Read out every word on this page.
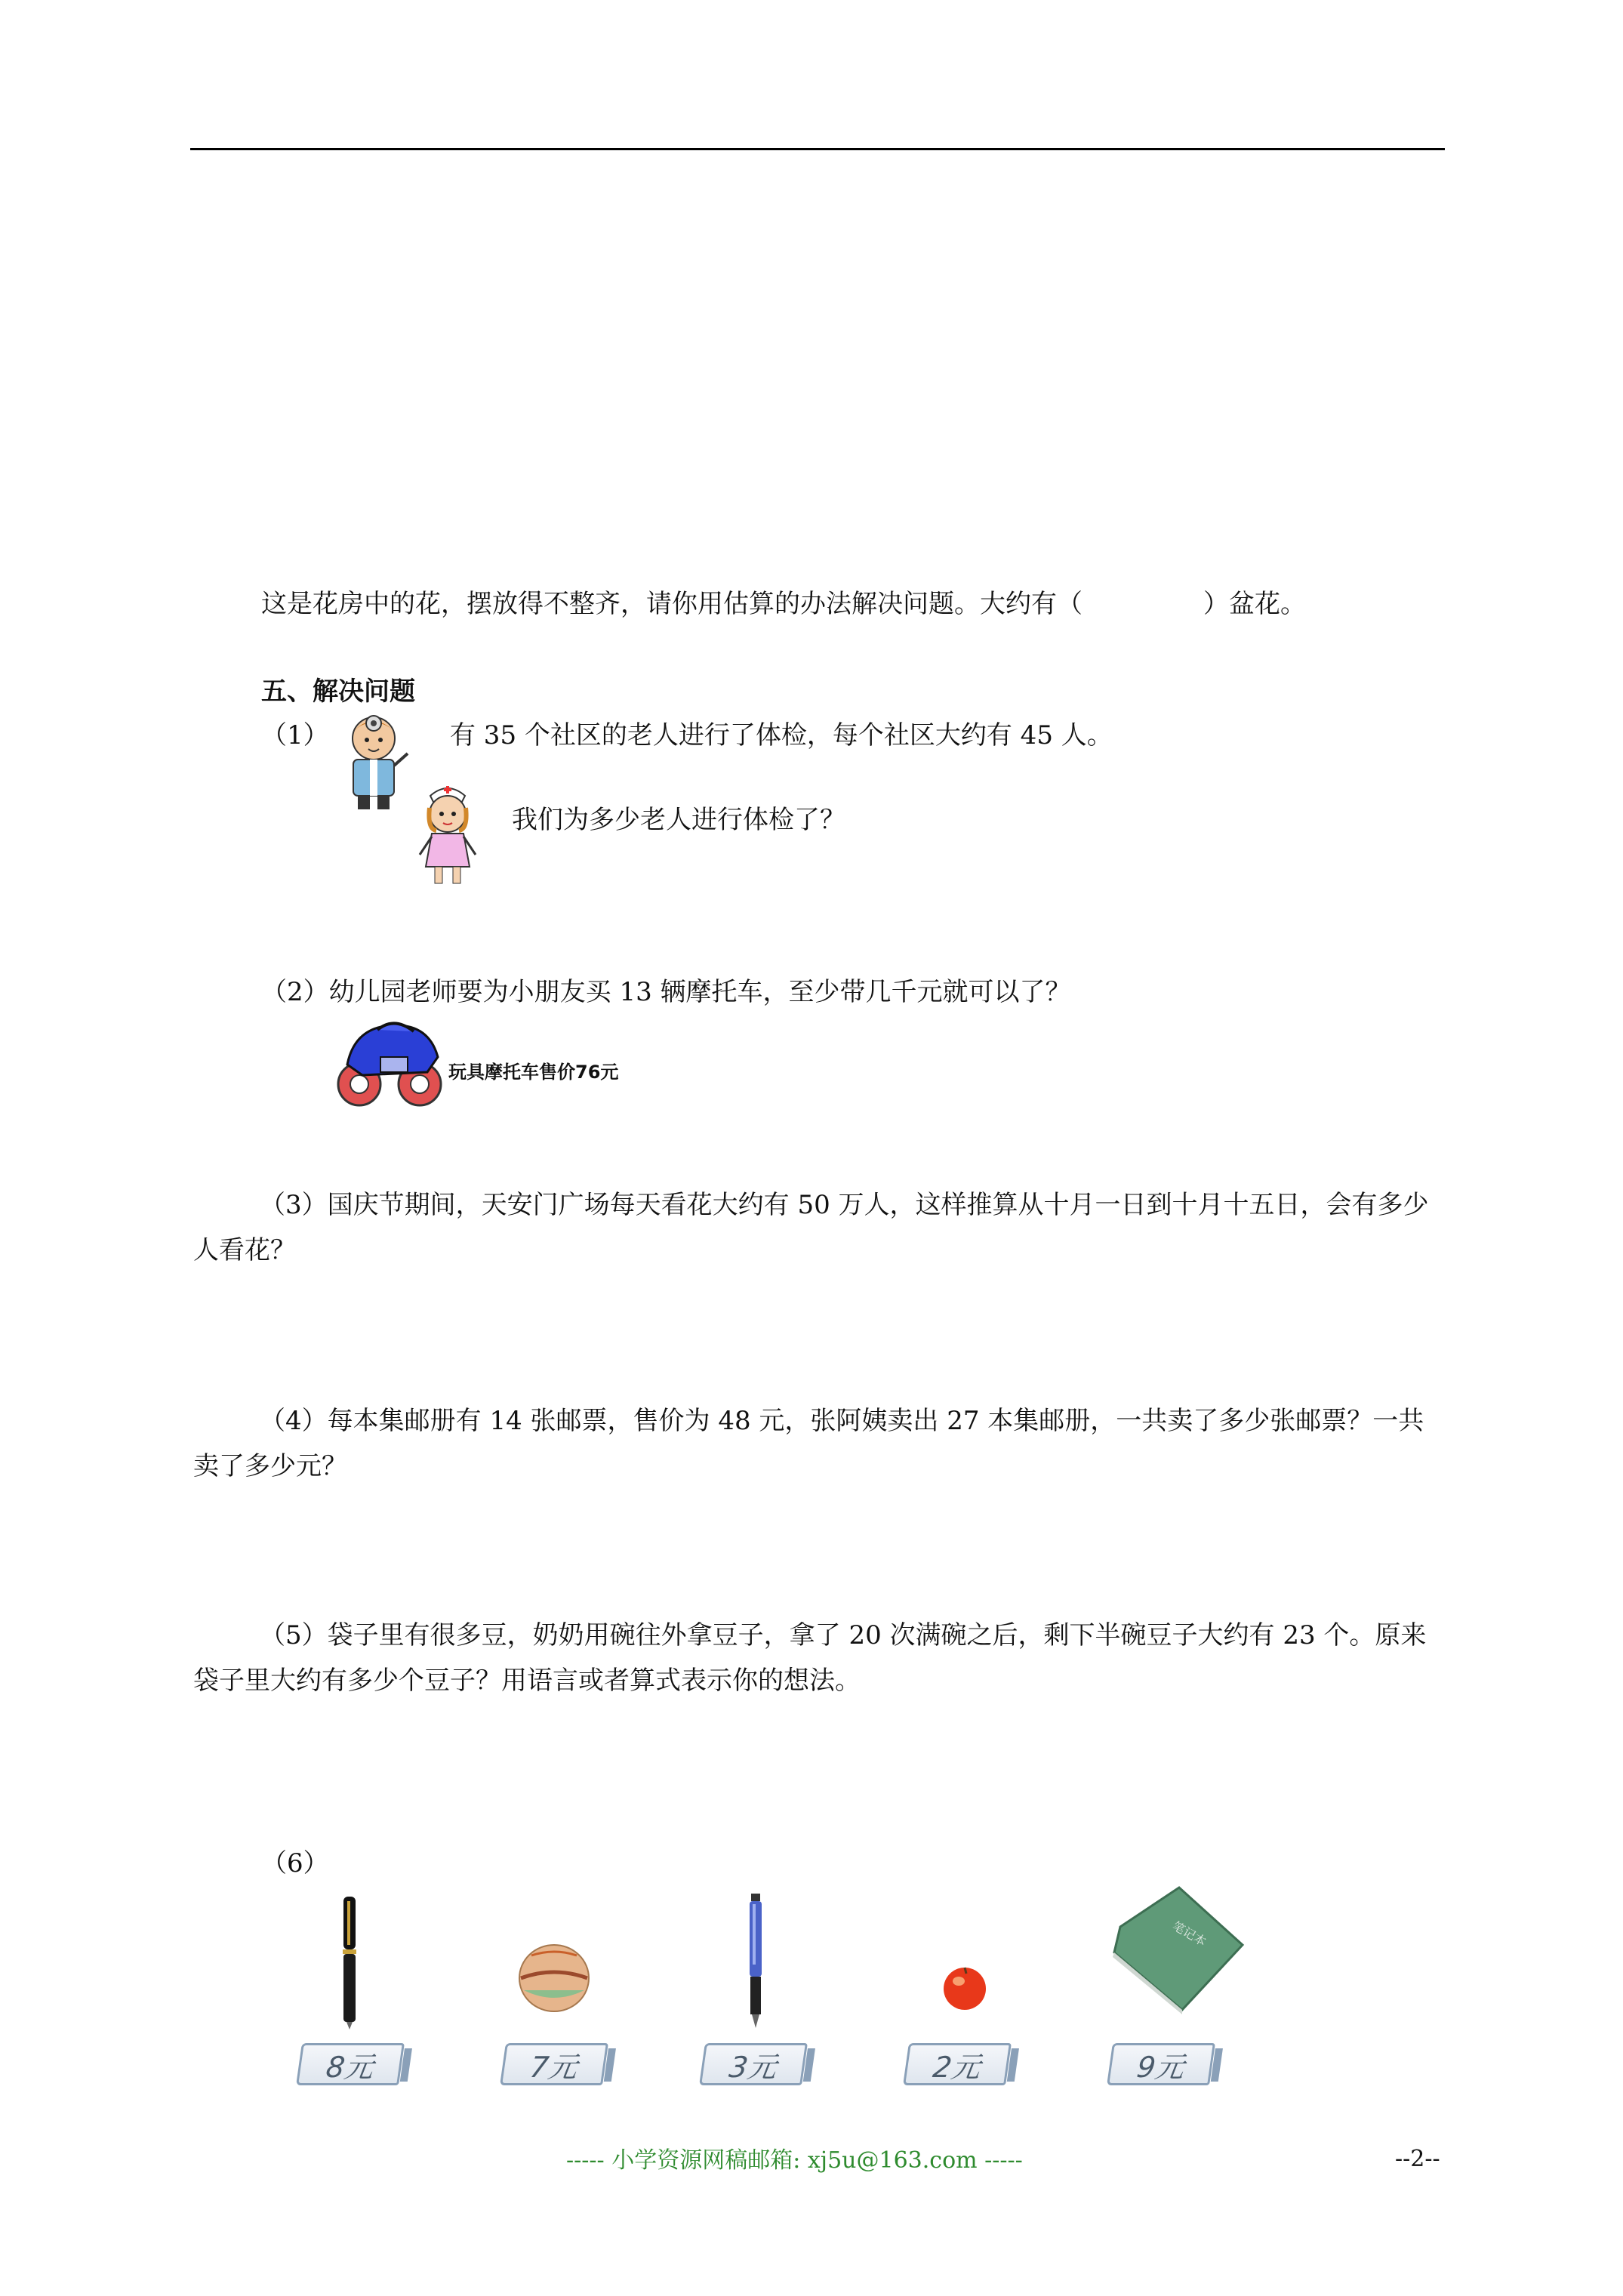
这是花房中的花，摆放得不整齐，请你用估算的办法解决问题。大约有（	）盆花。
五、解决问题
（1）	有 35 个社区的老人进行了体检，每个社区大约有 45 人。
我们为多少老人进行体检了？
（2）幼儿园老师要为小朋友买 13 辆摩托车，至少带几千元就可以了？
玩具摩托车售价76元
（3）国庆节期间，天安门广场每天看花大约有 50 万人，这样推算从十月一日到十月十五日，会有多少人看花？
（4）每本集邮册有 14 张邮票，售价为 48 元，张阿姨卖出 27 本集邮册，一共卖了多少张邮票？一共卖了多少元？
（5）袋子里有很多豆，奶奶用碗往外拿豆子，拿了 20 次满碗之后，剩下半碗豆子大约有 23 个。原来袋子里大约有多少个豆子？用语言或者算式表示你的想法。
（6）
笔记本
8元	7元	3元	2元	9元
----- 小学资源网稿邮箱: xj5u@163.com -----	--2--
